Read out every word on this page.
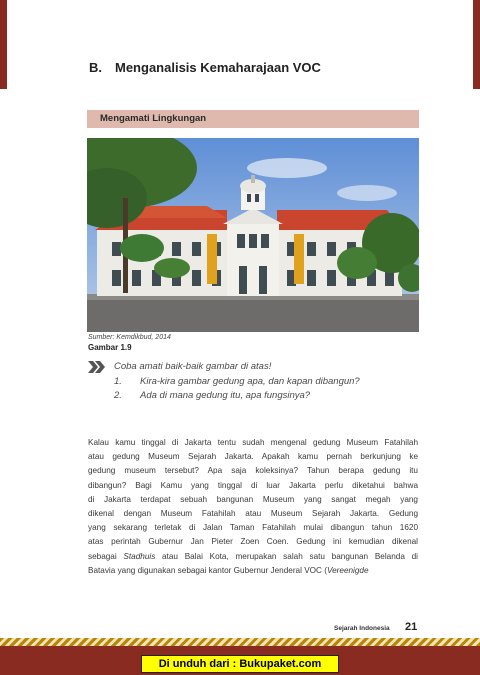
B. Menganalisis Kemaharajaan VOC
Mengamati Lingkungan
Sumber: Kemdikbud, 2014
Gambar 1.9
Coba amati baik-baik gambar di atas!
1. Kira-kira gambar gedung apa, dan kapan dibangun?
2. Ada di mana gedung itu, apa fungsinya?
Kalau kamu tinggal di Jakarta tentu sudah mengenal gedung Museum Fatahilah
atau gedung Museum Sejarah Jakarta. Apakah kamu pernah berkunjung ke
gedung museum tersebut? Apa saja koleksinya? Tahun berapa gedung itu
dibangun? Bagi Kamu yang tinggal di luar Jakarta perlu diketahui bahwa
di Jakarta terdapat sebuah bangunan Museum yang sangat megah yang
dikenal dengan Museum Fatahilah atau Museum Sejarah Jakarta. Gedung
yang sekarang terletak di Jalan Taman Fatahilah mulai dibangun tahun 1620
atas perintah Gubernur Jan Pieter Zoen Coen. Gedung ini kemudian dikenal
sebagai Stadhuis atau Balai Kota, merupakan salah satu bangunan Belanda di
Batavia yang digunakan sebagai kantor Gubernur Jenderal VOC (Vereenigde
Sejarah Indonesia 21
Di unduh dari : Bukupaket.com
